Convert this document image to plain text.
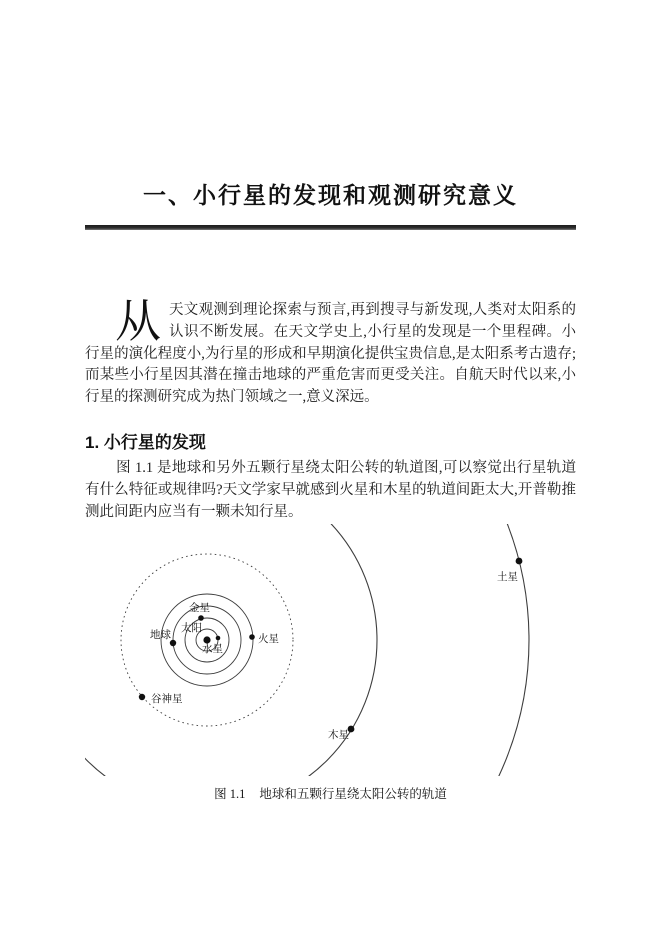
一、小行星的发现和观测研究意义

从天文观测到理论探索与预言,再到搜寻与新发现,人类对太阳系的认识不断发展。在天文学史上,小行星的发现是一个里程碑。小行星的演化程度小,为行星的形成和早期演化提供宝贵信息,是太阳系考古遗存;而某些小行星因其潜在撞击地球的严重危害而更受关注。自航天时代以来,小行星的探测研究成为热门领域之一,意义深远。

1. 小行星的发现

图 1.1 是地球和另外五颗行星绕太阳公转的轨道图,可以察觉出行星轨道有什么特征或规律吗?天文学家早就感到火星和木星的轨道间距太大,开普勒推测此间距内应当有一颗未知行星。

金星
太阳
水星
地球	火星
谷神星
木星
土星
图 1.1 地球和五颗行星绕太阳公转的轨道
